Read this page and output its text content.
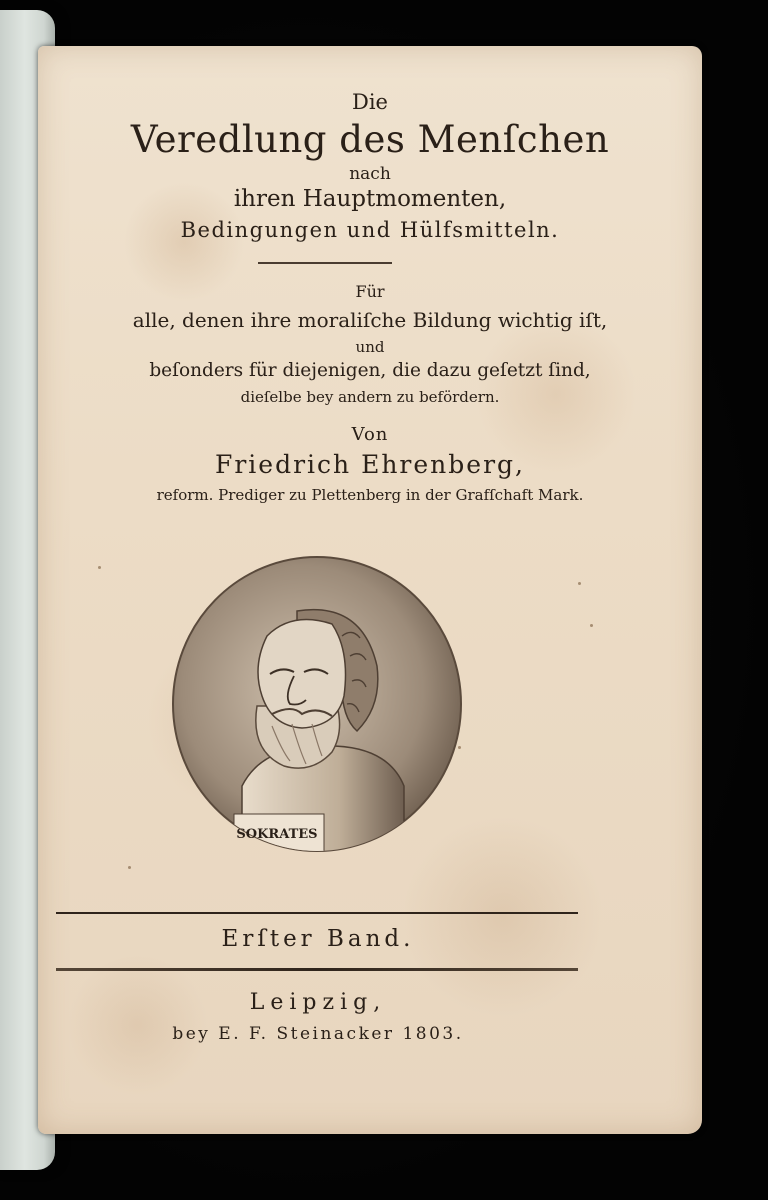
Die
Veredlung des Menſchen
nach
ihren Hauptmomenten,
Bedingungen und Hülfsmitteln.
Für
alle, denen ihre moraliſche Bildung wichtig iſt,
und
beſonders für diejenigen, die dazu geſetzt ſind,
dieſelbe bey andern zu befördern.
Von
Friedrich Ehrenberg,
reform. Prediger zu Plettenberg in der Grafſchaft Mark.
SOKRATES
Erſter Band.
Leipzig,
bey E. F. Steinacker 1803.
